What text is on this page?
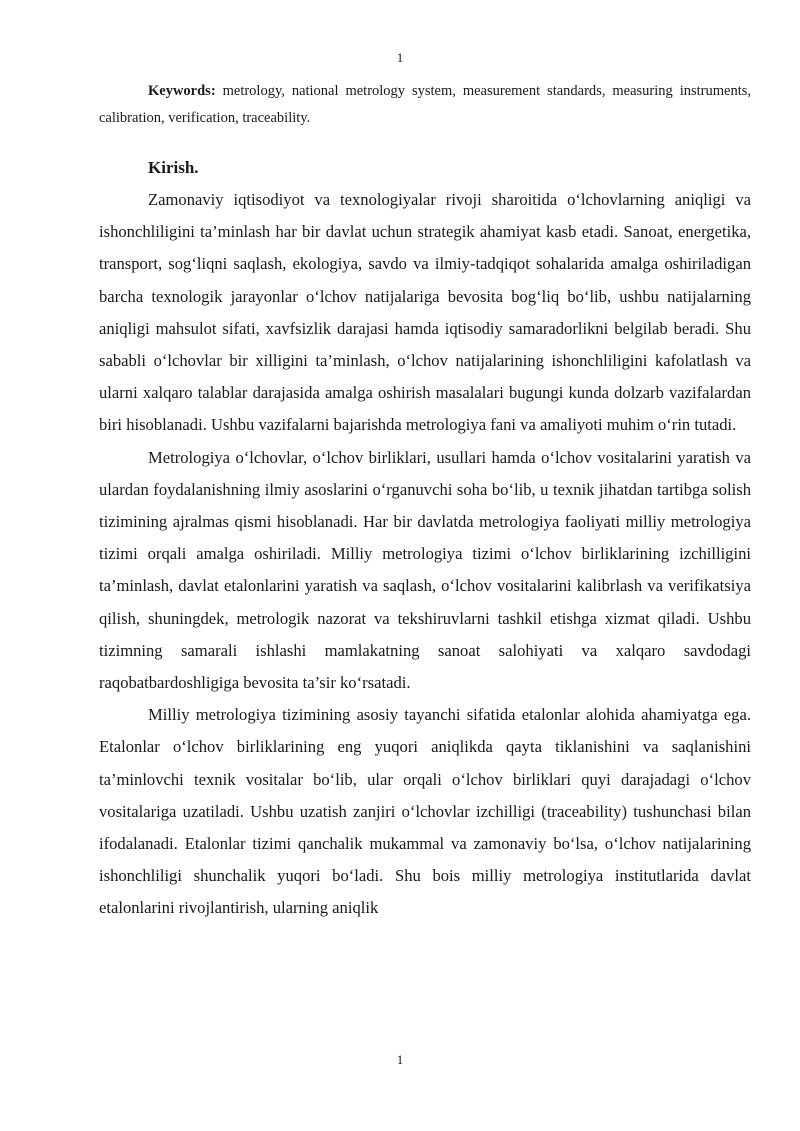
1

Keywords: metrology, national metrology system, measurement standards, measuring instruments, calibration, verification, traceability.

Kirish.

Zamonaviy iqtisodiyot va texnologiyalar rivoji sharoitida o‘lchovlarning aniqligi va ishonchliligini ta’minlash har bir davlat uchun strategik ahamiyat kasb etadi. Sanoat, energetika, transport, sog‘liqni saqlash, ekologiya, savdo va ilmiy-tadqiqot sohalarida amalga oshiriladigan barcha texnologik jarayonlar o‘lchov natijalariga bevosita bog‘liq bo‘lib, ushbu natijalarning aniqligi mahsulot sifati, xavfsizlik darajasi hamda iqtisodiy samaradorlikni belgilab beradi. Shu sababli o‘lchovlar bir xilligini ta’minlash, o‘lchov natijalarining ishonchliligini kafolatlash va ularni xalqaro talablar darajasida amalga oshirish masalalari bugungi kunda dolzarb vazifalardan biri hisoblanadi. Ushbu vazifalarni bajarishda metrologiya fani va amaliyoti muhim o‘rin tutadi.

Metrologiya o‘lchovlar, o‘lchov birliklari, usullari hamda o‘lchov vositalarini yaratish va ulardan foydalanishning ilmiy asoslarini o‘rganuvchi soha bo‘lib, u texnik jihatdan tartibga solish tizimining ajralmas qismi hisoblanadi. Har bir davlatda metrologiya faoliyati milliy metrologiya tizimi orqali amalga oshiriladi. Milliy metrologiya tizimi o‘lchov birliklarining izchilligini ta’minlash, davlat etalonlarini yaratish va saqlash, o‘lchov vositalarini kalibrlash va verifikatsiya qilish, shuningdek, metrologik nazorat va tekshiruvlarni tashkil etishga xizmat qiladi. Ushbu tizimning samarali ishlashi mamlakatning sanoat salohiyati va xalqaro savdodagi raqobatbardoshligiga bevosita ta’sir ko‘rsatadi.

Milliy metrologiya tizimining asosiy tayanchi sifatida etalonlar alohida ahamiyatga ega. Etalonlar o‘lchov birliklarining eng yuqori aniqlikda qayta tiklanishini va saqlanishini ta’minlovchi texnik vositalar bo‘lib, ular orqali o‘lchov birliklari quyi darajadagi o‘lchov vositalariga uzatiladi. Ushbu uzatish zanjiri o‘lchovlar izchilligi (traceability) tushunchasi bilan ifodalanadi. Etalonlar tizimi qanchalik mukammal va zamonaviy bo‘lsa, o‘lchov natijalarining ishonchliligi shunchalik yuqori bo‘ladi. Shu bois milliy metrologiya institutlarida davlat etalonlarini rivojlantirish, ularning aniqlik

1
